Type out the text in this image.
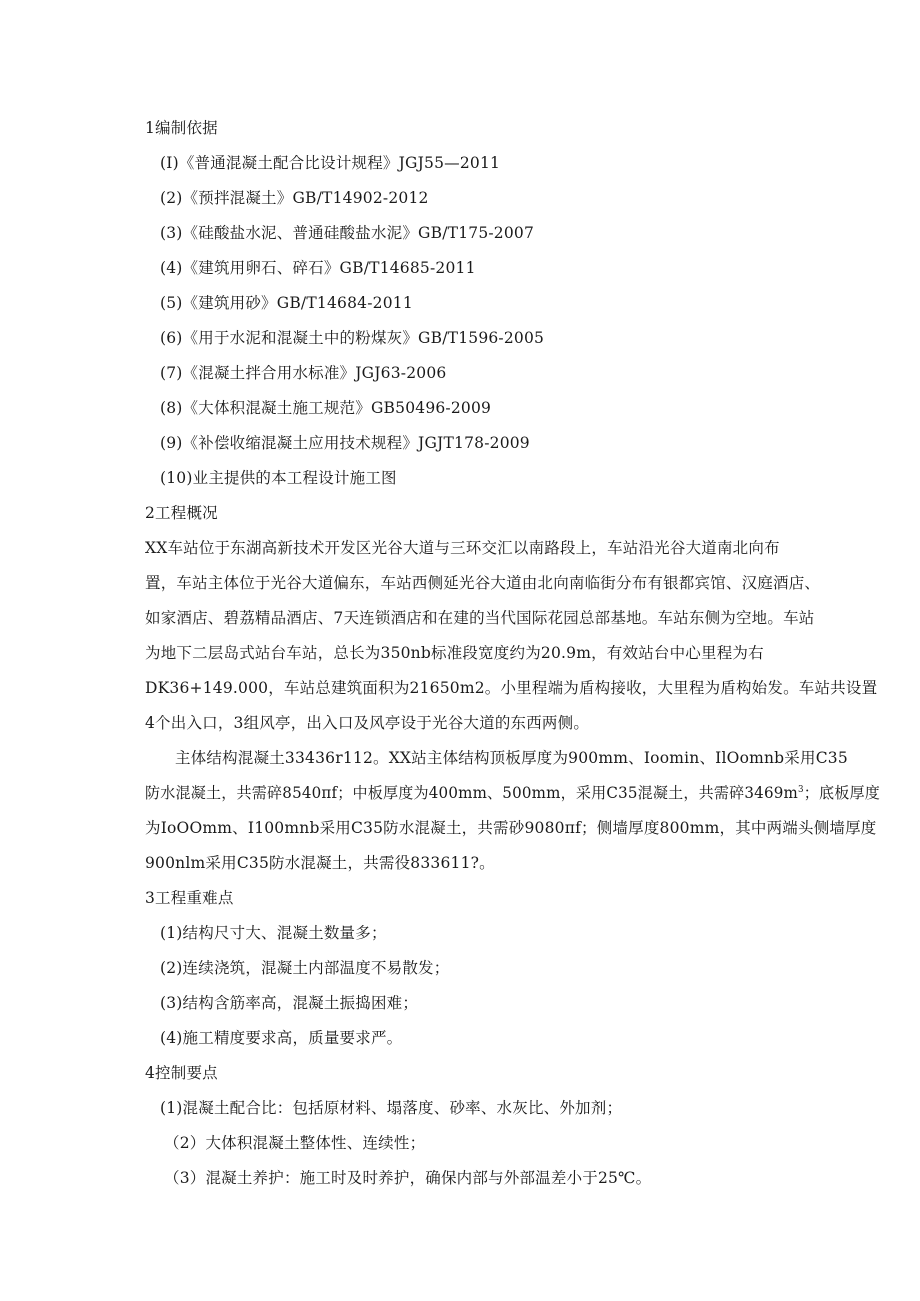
1编制依据
(I)《普通混凝土配合比设计规程》JGJ55—2011
(2)《预拌混凝土》GB/T14902-2012
(3)《硅酸盐水泥、普通硅酸盐水泥》GB/T175-2007
(4)《建筑用卵石、碎石》GB/T14685-2011
(5)《建筑用砂》GB/T14684-2011
(6)《用于水泥和混凝土中的粉煤灰》GB/T1596-2005
(7)《混凝土拌合用水标准》JGJ63-2006
(8)《大体积混凝土施工规范》GB50496-2009
(9)《补偿收缩混凝土应用技术规程》JGJT178-2009
(10)业主提供的本工程设计施工图
2工程概况
XX车站位于东湖高新技术开发区光谷大道与三环交汇以南路段上，车站沿光谷大道南北向布
置，车站主体位于光谷大道偏东，车站西侧延光谷大道由北向南临街分布有银都宾馆、汉庭酒店、
如家酒店、碧荔精品酒店、7天连锁酒店和在建的当代国际花园总部基地。车站东侧为空地。车站
为地下二层岛式站台车站，总长为350nb标准段宽度约为20.9m，有效站台中心里程为右
DK36+149.000，车站总建筑面积为21650m2。小里程端为盾构接收，大里程为盾构始发。车站共设置
4个出入口，3组风亭，出入口及风亭设于光谷大道的东西两侧。
主体结构混凝土33436r112。XX站主体结构顶板厚度为900mm、Ioomin、IlOomnb采用C35
防水混凝土，共需碎8540πf；中板厚度为400mm、500mm，采用C35混凝土，共需碎$3469m^3$；底板厚度
为IoOOmm、I100mnb采用C35防水混凝土，共需砂9080πf；侧墙厚度800mm，其中两端头侧墙厚度
900nlm采用C35防水混凝土，共需役833611?。
3工程重难点
(1)结构尺寸大、混凝土数量多；
(2)连续浇筑，混凝土内部温度不易散发；
(3)结构含筋率高，混凝土振捣困难；
(4)施工精度要求高，质量要求严。
4控制要点
(1)混凝土配合比：包括原材料、塌落度、砂率、水灰比、外加剂；
（2）大体积混凝土整体性、连续性；
（3）混凝土养护：施工时及时养护，确保内部与外部温差小于25℃。
